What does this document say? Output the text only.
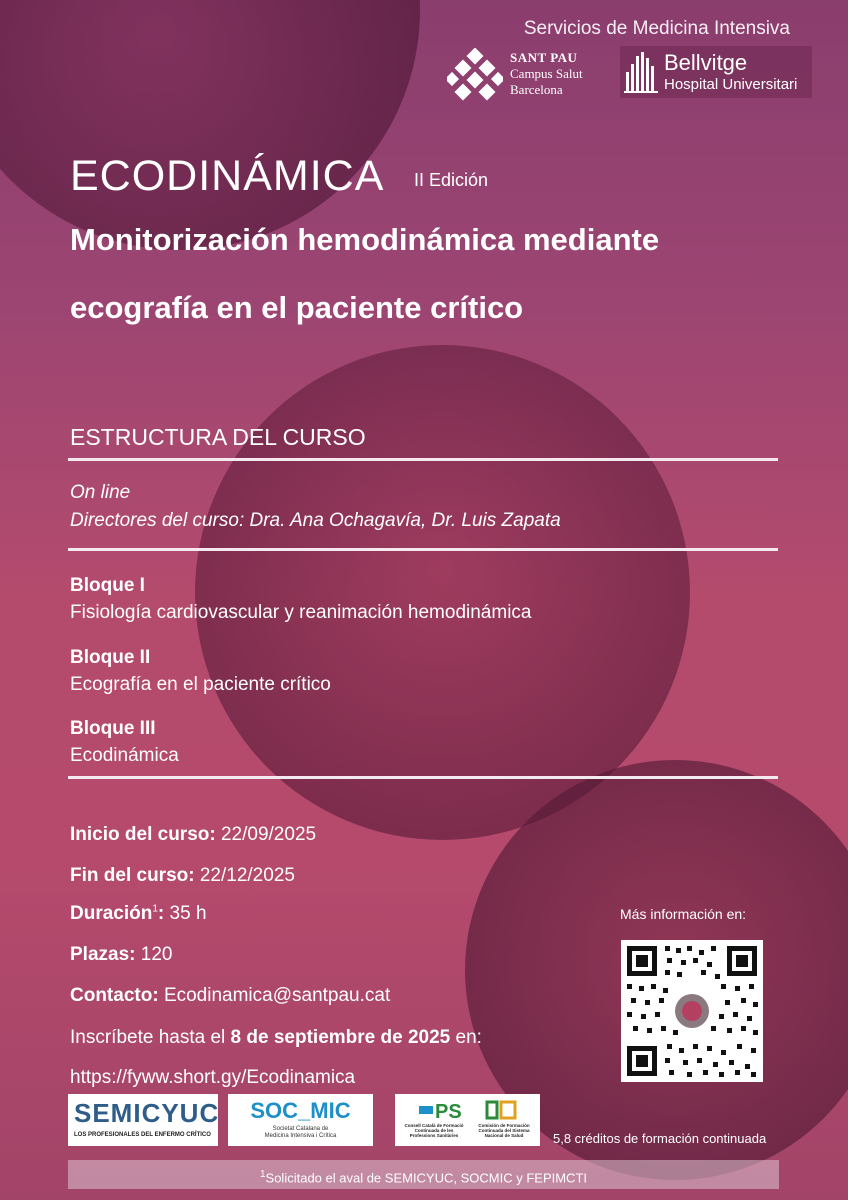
Servicios de Medicina Intensiva
SANT PAU
Campus Salut
Barcelona
Bellvitge
Hospital Universitari
ECODINÁMICA II Edición
Monitorización hemodinámica mediante
ecografía en el paciente crítico
ESTRUCTURA DEL CURSO
On line
Directores del curso: Dra. Ana Ochagavía, Dr. Luis Zapata
Bloque I
Fisiología cardiovascular y reanimación hemodinámica
Bloque II
Ecografía en el paciente crítico
Bloque III
Ecodinámica
Inicio del curso: 22/09/2025
Fin del curso: 22/12/2025
Duración$^1$: 35 h
Plazas: 120
Contacto: Ecodinamica@santpau.cat
Inscríbete hasta el 8 de septiembre de 2025 en:
https://fyww.short.gy/Ecodinamica
Más información en:
SEMICYUC
LOS PROFESIONALES DEL ENFERMO CRÍTICO
SOC_MIC
Societat Catalana de
Medicina Intensiva i Crítica
PS
Consell Català de Formació
Continuada de les
Professions Sanitàries
Comisión de Formación
Continuada del Sistema
Nacional de Salud	5,8 créditos de formación continuada
$^1$Solicitado el aval de SEMICYUC, SOCMIC y FEPIMCTI
